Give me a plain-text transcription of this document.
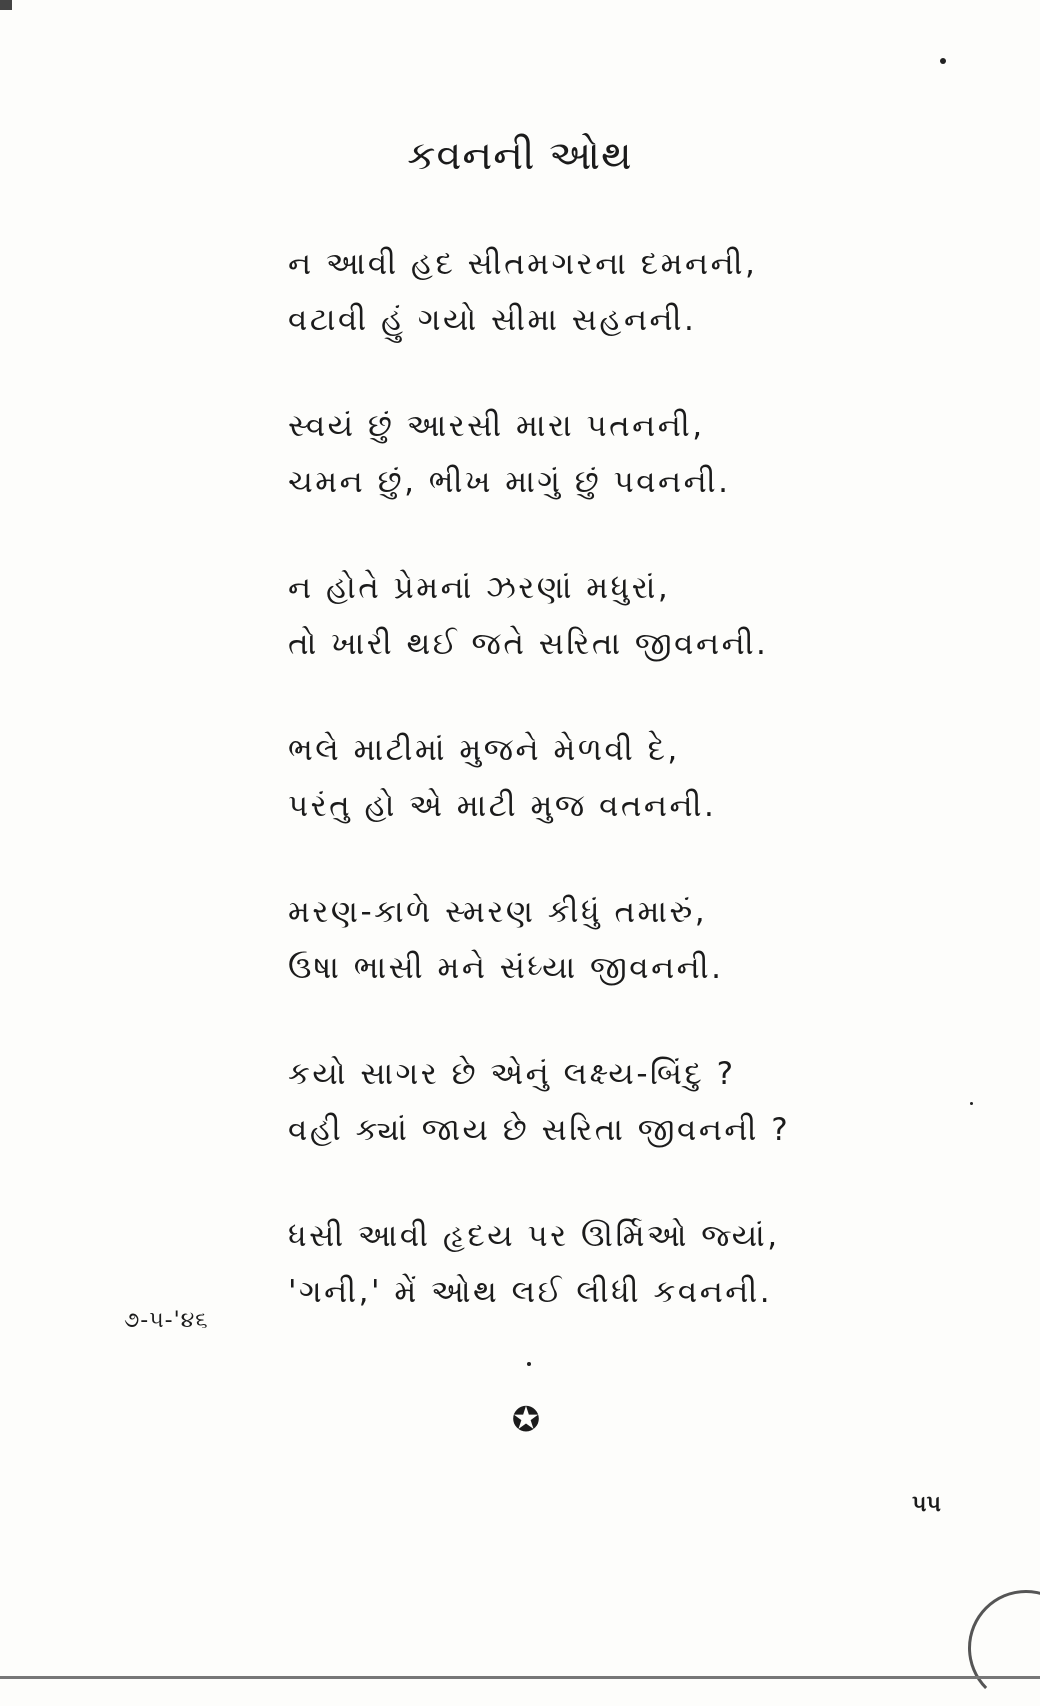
કવનની ઓથ
ન આવી હદ સીતમગરના દમનની,
વટાવી હું ગયો સીમા સહનની.
સ્વયં છું આરસી મારા પતનની,
ચમન છું, ભીખ માગું છું પવનની.
ન હોતે પ્રેમનાં ઝરણાં મધુરાં,
તો ખારી થઈ જતે સરિતા જીવનની.
ભલે માટીમાં મુજને મેળવી દે,
પરંતુ હો એ માટી મુજ વતનની.
મરણ-કાળે સ્મરણ કીધું તમારું,
ઉષા ભાસી મને સંધ્યા જીવનની.
કયો સાગર છે એનું લક્ષ્ય-બિંદુ ?
વહી ક્યાં જાય છે સરિતા જીવનની ?
ધસી આવી હૃદય પર ઊર્મિઓ જ્યાં,
'ગની,' મેં ઓથ લઈ લીધી કવનની.
૭-૫-'૪૬
✪
૫૫
